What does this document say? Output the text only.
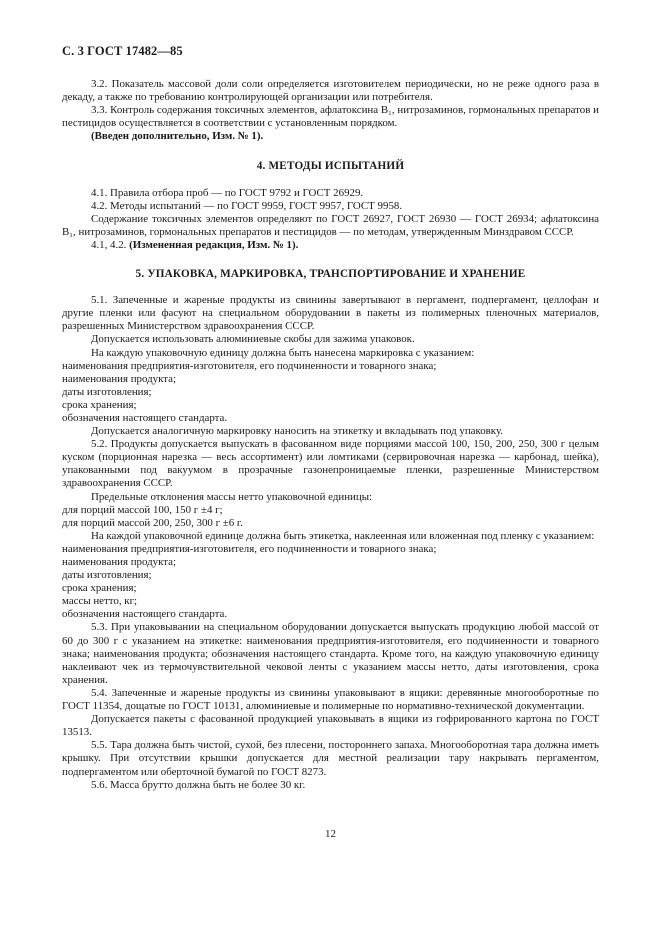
С. 3 ГОСТ 17482—85

3.2. Показатель массовой доли соли определяется изготовителем периодически, но не реже одного раза в декаду, а также по требованию контролирующей организации или потребителя.

3.3. Контроль содержания токсичных элементов, афлатоксина B₁, нитрозаминов, гормональных препаратов и пестицидов осуществляется в соответствии с установленным порядком.

(Введен дополнительно, Изм. № 1).

4. МЕТОДЫ ИСПЫТАНИЙ

4.1. Правила отбора проб — по ГОСТ 9792 и ГОСТ 26929.

4.2. Методы испытаний — по ГОСТ 9959, ГОСТ 9957, ГОСТ 9958.

Содержание токсичных элементов определяют по ГОСТ 26927, ГОСТ 26930 — ГОСТ 26934; афлатоксина B₁, нитрозаминов, гормональных препаратов и пестицидов — по методам, утвержденным Минздравом СССР.

4.1, 4.2. (Измененная редакция, Изм. № 1).

5. УПАКОВКА, МАРКИРОВКА, ТРАНСПОРТИРОВАНИЕ И ХРАНЕНИЕ

5.1. Запеченные и жареные продукты из свинины завертывают в пергамент, подпергамент, целлофан и другие пленки или фасуют на специальном оборудовании в пакеты из полимерных пленочных материалов, разрешенных Министерством здравоохранения СССР.

Допускается использовать алюминиевые скобы для зажима упаковок.

На каждую упаковочную единицу должна быть нанесена маркировка с указанием:

наименования предприятия-изготовителя, его подчиненности и товарного знака;

наименования продукта;

даты изготовления;

срока хранения;

обозначения настоящего стандарта.

Допускается аналогичную маркировку наносить на этикетку и вкладывать под упаковку.

5.2. Продукты допускается выпускать в фасованном виде порциями массой 100, 150, 200, 250, 300 г целым куском (порционная нарезка — весь ассортимент) или ломтиками (сервировочная нарезка — карбонад, шейка), упакованными под вакуумом в прозрачные газонепроницаемые пленки, разрешенные Министерством здравоохранения СССР.

Предельные отклонения массы нетто упаковочной единицы:

для порций массой 100, 150 г ±4 г;

для порций массой 200, 250, 300 г ±6 г.

На каждой упаковочной единице должна быть этикетка, наклеенная или вложенная под пленку с указанием:

наименования предприятия-изготовителя, его подчиненности и товарного знака;

наименования продукта;

даты изготовления;

срока хранения;

массы нетто, кг;

обозначения настоящего стандарта.

5.3. При упаковывании на специальном оборудовании допускается выпускать продукцию любой массой от 60 до 300 г с указанием на этикетке: наименования предприятия-изготовителя, его подчиненности и товарного знака; наименования продукта; обозначения настоящего стандарта. Кроме того, на каждую упаковочную единицу наклеивают чек из термочувствительной чековой ленты с указанием массы нетто, даты изготовления, срока хранения.

5.4. Запеченные и жареные продукты из свинины упаковывают в ящики: деревянные многооборотные по ГОСТ 11354, дощатые по ГОСТ 10131, алюминиевые и полимерные по нормативно-технической документации.

Допускается пакеты с фасованной продукцией упаковывать в ящики из гофрированного картона по ГОСТ 13513.

5.5. Тара должна быть чистой, сухой, без плесени, постороннего запаха. Многооборотная тара должна иметь крышку. При отсутствии крышки допускается для местной реализации тару накрывать пергаментом, подпергаментом или оберточной бумагой по ГОСТ 8273.

5.6. Масса брутто должна быть не более 30 кг.

12
